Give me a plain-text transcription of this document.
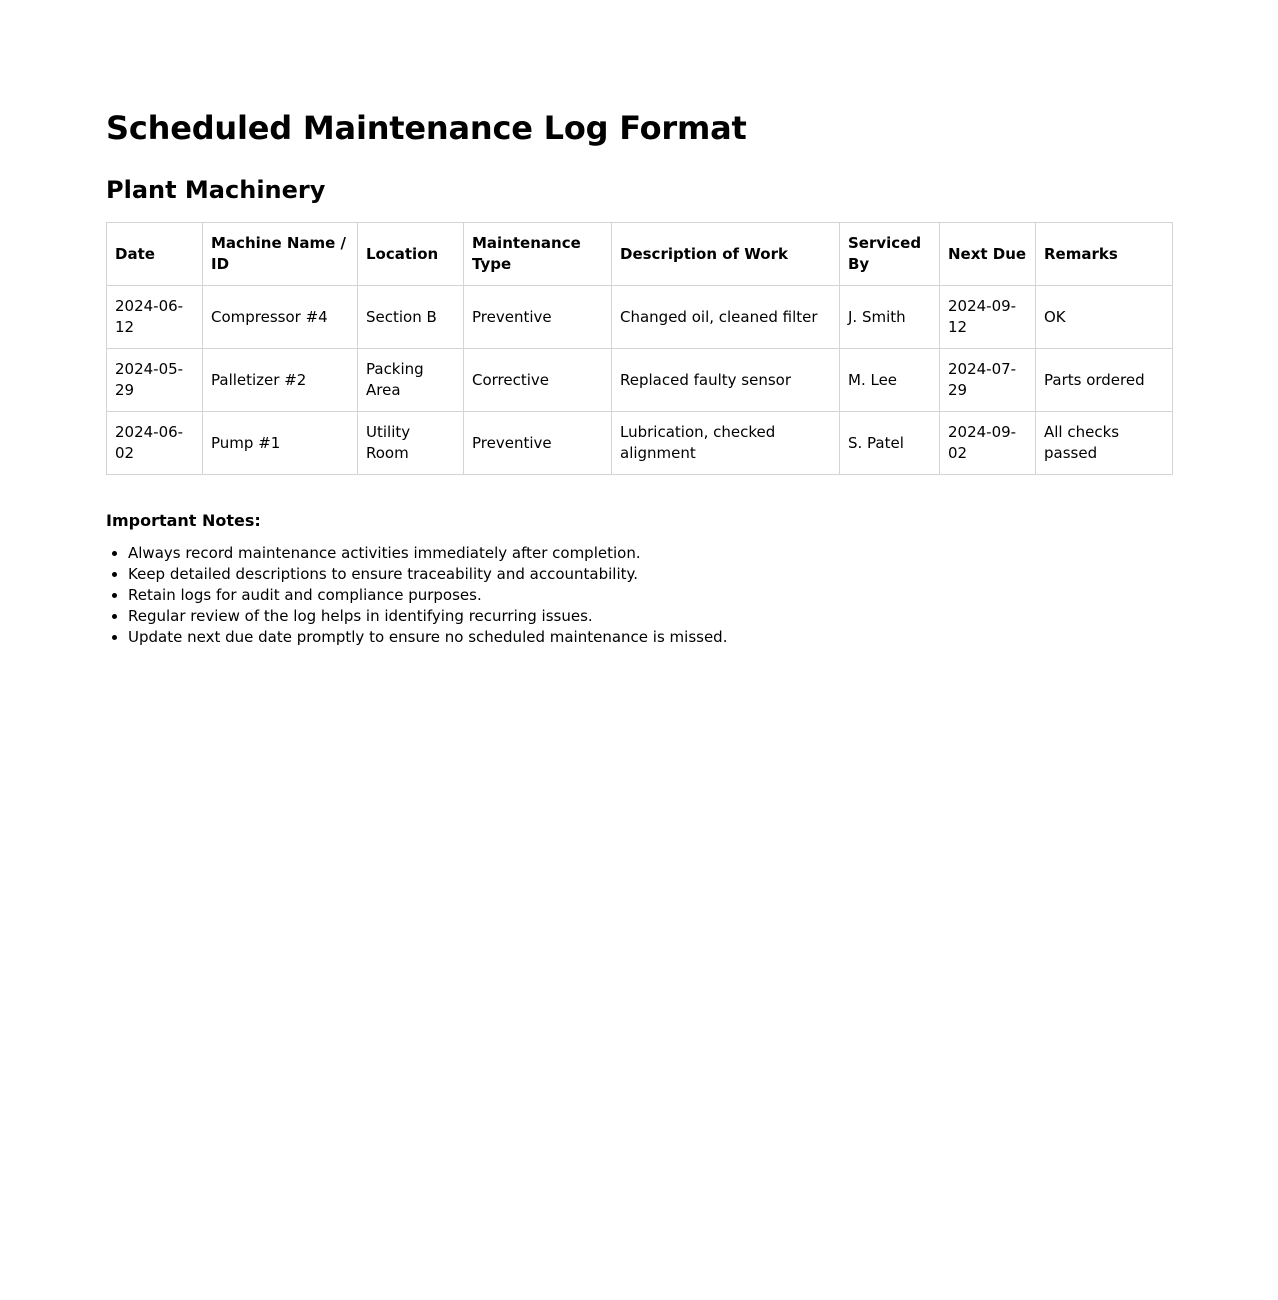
Scheduled Maintenance Log Format
Plant Machinery
Date	Machine Name / ID	Location	Maintenance Type	Description of Work	Serviced By	Next Due	Remarks
2024-06-12	Compressor #4	Section B	Preventive	Changed oil, cleaned filter	J. Smith	2024-09-12	OK
2024-05-29	Palletizer #2	Packing Area	Corrective	Replaced faulty sensor	M. Lee	2024-07-29	Parts ordered
2024-06-02	Pump #1	Utility Room	Preventive	Lubrication, checked alignment	S. Patel	2024-09-02	All checks passed
Important Notes:
• Always record maintenance activities immediately after completion.
• Keep detailed descriptions to ensure traceability and accountability.
• Retain logs for audit and compliance purposes.
• Regular review of the log helps in identifying recurring issues.
• Update next due date promptly to ensure no scheduled maintenance is missed.
